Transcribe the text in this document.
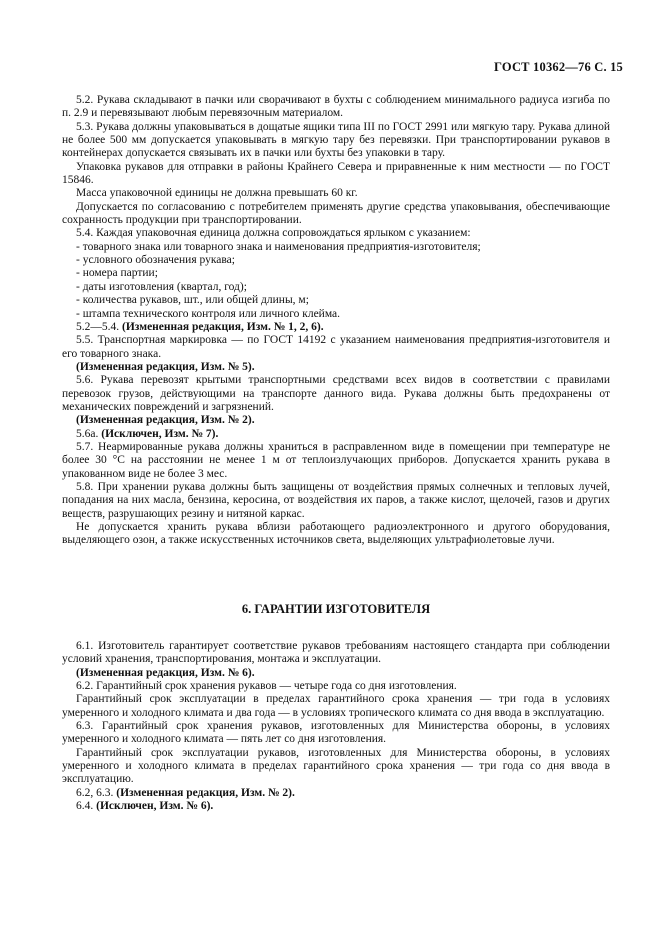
ГОСТ 10362—76 С. 15

5.2. Рукава складывают в пачки или сворачивают в бухты с соблюдением минимального радиуса изгиба по п. 2.9 и перевязывают любым перевязочным материалом.

5.3. Рукава должны упаковываться в дощатые ящики типа III по ГОСТ 2991 или мягкую тару. Рукава длиной не более 500 мм допускается упаковывать в мягкую тару без перевязки. При транспортировании рукавов в контейнерах допускается связывать их в пачки или бухты без упаковки в тару.

Упаковка рукавов для отправки в районы Крайнего Севера и приравненные к ним местности — по ГОСТ 15846.

Масса упаковочной единицы не должна превышать 60 кг.

Допускается по согласованию с потребителем применять другие средства упаковывания, обеспечивающие сохранность продукции при транспортировании.

5.4. Каждая упаковочная единица должна сопровождаться ярлыком с указанием:

- товарного знака или товарного знака и наименования предприятия-изготовителя;

- условного обозначения рукава;

- номера партии;

- даты изготовления (квартал, год);

- количества рукавов, шт., или общей длины, м;

- штампа технического контроля или личного клейма.

5.2—5.4. (Измененная редакция, Изм. № 1, 2, 6).

5.5. Транспортная маркировка — по ГОСТ 14192 с указанием наименования предприятия-изготовителя и его товарного знака.

(Измененная редакция, Изм. № 5).

5.6. Рукава перевозят крытыми транспортными средствами всех видов в соответствии с правилами перевозок грузов, действующими на транспорте данного вида. Рукава должны быть предохранены от механических повреждений и загрязнений.

(Измененная редакция, Изм. № 2).

5.6а. (Исключен, Изм. № 7).

5.7. Неармированные рукава должны храниться в расправленном виде в помещении при температуре не более 30 °С на расстоянии не менее 1 м от теплоизлучающих приборов. Допускается хранить рукава в упакованном виде не более 3 мес.

5.8. При хранении рукава должны быть защищены от воздействия прямых солнечных и тепловых лучей, попадания на них масла, бензина, керосина, от воздействия их паров, а также кислот, щелочей, газов и других веществ, разрушающих резину и нитяной каркас.

Не допускается хранить рукава вблизи работающего радиоэлектронного и другого оборудования, выделяющего озон, а также искусственных источников света, выделяющих ультрафиолетовые лучи.

6. ГАРАНТИИ ИЗГОТОВИТЕЛЯ

6.1. Изготовитель гарантирует соответствие рукавов требованиям настоящего стандарта при соблюдении условий хранения, транспортирования, монтажа и эксплуатации.

(Измененная редакция, Изм. № 6).

6.2. Гарантийный срок хранения рукавов — четыре года со дня изготовления.

Гарантийный срок эксплуатации в пределах гарантийного срока хранения — три года в условиях умеренного и холодного климата и два года — в условиях тропического климата со дня ввода в эксплуатацию.

6.3. Гарантийный срок хранения рукавов, изготовленных для Министерства обороны, в условиях умеренного и холодного климата — пять лет со дня изготовления.

Гарантийный срок эксплуатации рукавов, изготовленных для Министерства обороны, в условиях умеренного и холодного климата в пределах гарантийного срока хранения — три года со дня ввода в эксплуатацию.

6.2, 6.3. (Измененная редакция, Изм. № 2).

6.4. (Исключен, Изм. № 6).
